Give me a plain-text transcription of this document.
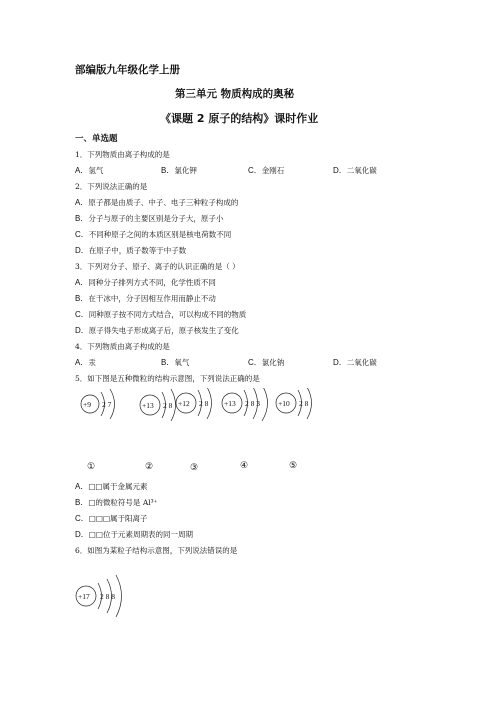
部编版九年级化学上册
第三单元 物质构成的奥秘
《课题 2 原子的结构》课时作业
一、单选题
1．下列物质由离子构成的是
A．氢气	B．氯化钾	C．金刚石	D．二氧化碳
2．下列说法正确的是
A．原子都是由质子、中子、电子三种粒子构成的
B．分子与原子的主要区别是分子大，原子小
C．不同种原子之间的本质区别是核电荷数不同
D．在原子中，质子数等于中子数
3．下列对分子、原子、离子的认识正确的是（ ）
A．同种分子排列方式不同，化学性质不同
B．在干冰中，分子因相互作用而静止不动
C．同种原子按不同方式结合，可以构成不同的物质
D．原子得失电子形成离子后，原子核发生了变化
4．下列物质由离子构成的是
A．汞	B．氧气	C．氯化钠	D．二氧化碳
5．如下图是五种微粒的结构示意图，下列说法正确的是
+9 2 7	+13 2 8 +12 2 8 +13 2 8 3 +10 2 8
①	②	③	④	⑤
A．□□属于金属元素
B．□的微粒符号是 Al³⁺
C．□□□属于阳离子
D．□□位于元素周期表的同一周期
6．如图为某粒子结构示意图，下列说法错误的是
+17 2 8 8
